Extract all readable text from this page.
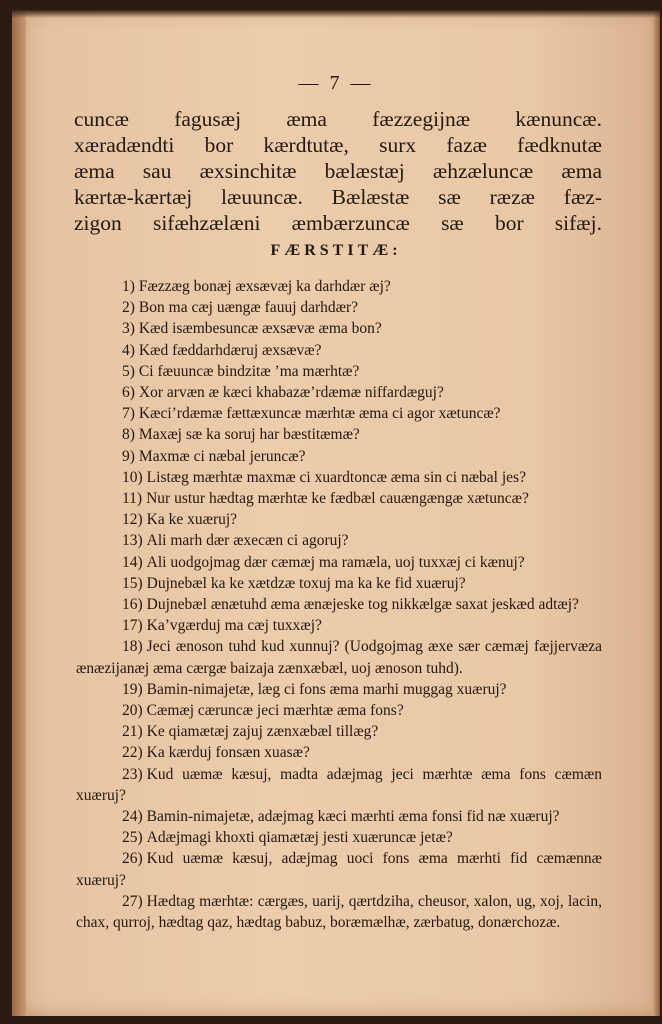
— 7 —

cuncæ fagusæj æma fæzzegijnæ kænuncæ.

xæradændti bor kærdtutæ, surx fazæ fædknutæ

æma sau æxsinchitæ bælæstæj æhzæluncæ æma

kærtæ-kærtæj læuuncæ. Bælæstæ sæ ræzæ fæz-

zigon sifæhzælæni æmbærzuncæ sæ bor sifæj.

FÆRSTITÆ:

1) Fæzzæg bonæj æxsævæj ka darhdær æj?

2) Bon ma cæj uængæ fauuj darhdær?

3) Kæd isæmbesuncæ æxsævæ æma bon?

4) Kæd fæddarhdæruj æxsævæ?

5) Ci fæuuncæ bindzitæ ’ma mærhtæ?

6) Xor arvæn æ kæci khabazæ’rdæmæ niffardæguj?

7) Kæci’rdæmæ fættæxuncæ mærhtæ æma ci agor xætuncæ?

8) Maxæj sæ ka soruj har bæstitæmæ?

9) Maxmæ ci næbal jeruncæ?

10) Listæg mærhtæ maxmæ ci xuardtoncæ æma sin ci næbal jes?

11) Nur ustur hædtag mærhtæ ke fædbæl cauængængæ xætuncæ?

12) Ka ke xuæruj?

13) Ali marh dær æxecæn ci agoruj?

14) Ali uodgojmag dær cæmæj ma ramæla, uoj tuxxæj ci kænuj?

15) Dujnebæl ka ke xætdzæ toxuj ma ka ke fid xuæruj?

16) Dujnebæl ænætuhd æma ænæjeske tog nikkælgæ saxat jeskæd adtæj?

17) Ka’vgærduj ma cæj tuxxæj?

18) Jeci ænoson tuhd kud xunnuj? (Uodgojmag æxe sær cæmæj fæjjervæza ænæzijanæj æma cærgæ baizaja zænxæbæl, uoj ænoson tuhd).

19) Bamin-nimajetæ, læg ci fons æma marhi muggag xuæruj?

20) Cæmæj cæruncæ jeci mærhtæ æma fons?

21) Ke qiamætæj zajuj zænxæbæl tillæg?

22) Ka kærduj fonsæn xuasæ?

23) Kud uæmæ kæsuj, madta adæjmag jeci mærhtæ æma fons cæmæn xuæruj?

24) Bamin-nimajetæ, adæjmag kæci mærhti æma fonsi fid næ xuæruj?

25) Adæjmagi khoxti qiamætæj jesti xuæruncæ jetæ?

26) Kud uæmæ kæsuj, adæjmag uoci fons æma mærhti fid cæmænnæ xuæruj?

27) Hædtag mærhtæ: cærgæs, uarij, qærtdziha, cheusor, xalon, ug, xoj, lacin, chax, qurroj, hædtag qaz, hædtag babuz, boræmælhæ, zærbatug, donærchozæ.
